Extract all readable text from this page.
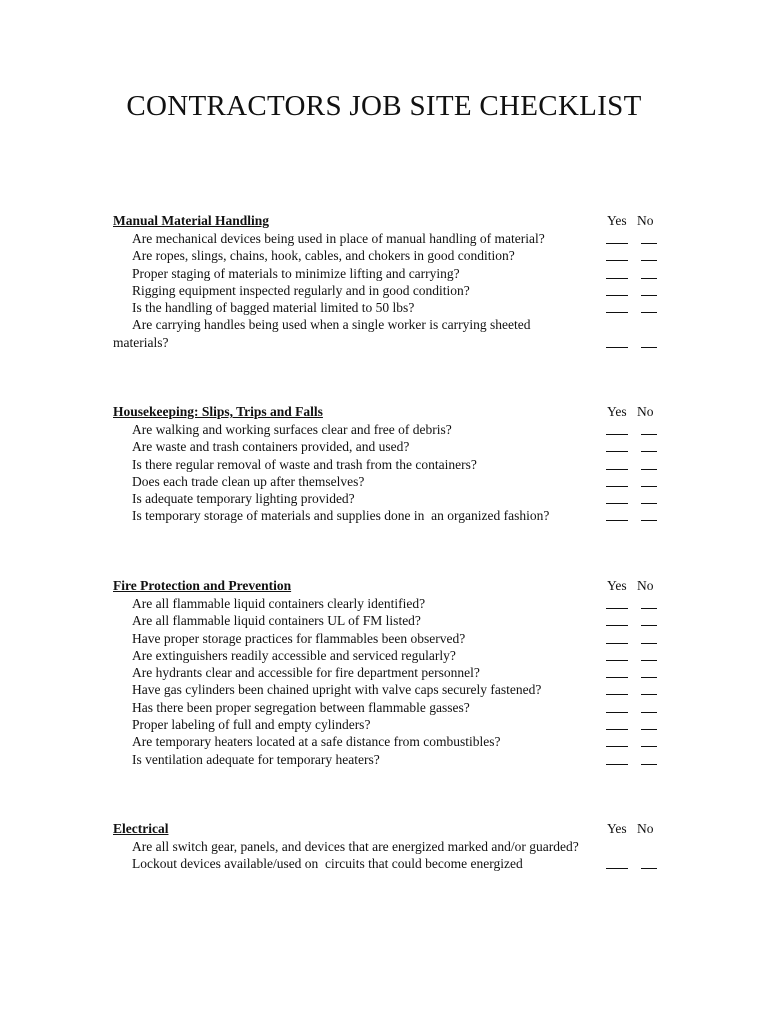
CONTRACTORS JOB SITE CHECKLIST
Manual Material Handling	Yes No
Are mechanical devices being used in place of manual handling of material?
Are ropes, slings, chains, hook, cables, and chokers in good condition?
Proper staging of materials to minimize lifting and carrying?
Rigging equipment inspected regularly and in good condition?
Is the handling of bagged material limited to 50 lbs?
Are carrying handles being used when a single worker is carrying sheeted materials?
Housekeeping: Slips, Trips and Falls	Yes No
Are walking and working surfaces clear and free of debris?
Are waste and trash containers provided, and used?
Is there regular removal of waste and trash from the containers?
Does each trade clean up after themselves?
Is adequate temporary lighting provided?
Is temporary storage of materials and supplies done in  an organized fashion?
Fire Protection and Prevention	Yes No
Are all flammable liquid containers clearly identified?
Are all flammable liquid containers UL of FM listed?
Have proper storage practices for flammables been observed?
Are extinguishers readily accessible and serviced regularly?
Are hydrants clear and accessible for fire department personnel?
Have gas cylinders been chained upright with valve caps securely fastened?
Has there been proper segregation between flammable gasses?
Proper labeling of full and empty cylinders?
Are temporary heaters located at a safe distance from combustibles?
Is ventilation adequate for temporary heaters?
Electrical	Yes No
Are all switch gear, panels, and devices that are energized marked and/or guarded?
Lockout devices available/used on  circuits that could become energized
